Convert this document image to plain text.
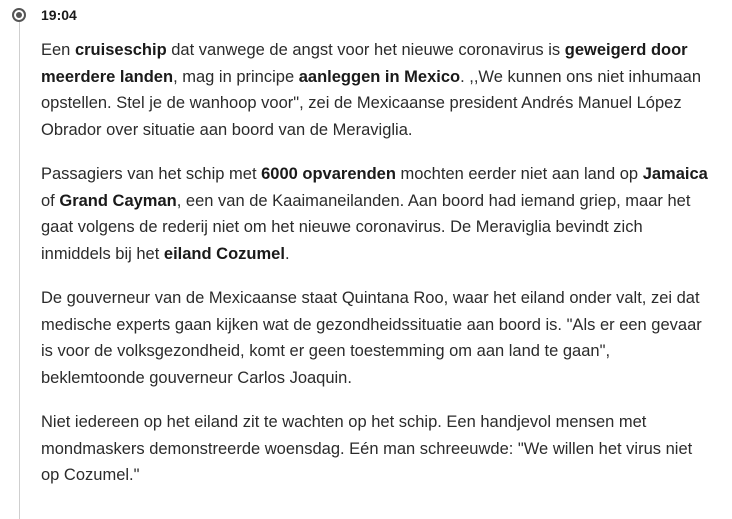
19:04

Een cruiseschip dat vanwege de angst voor het nieuwe coronavirus is geweigerd door meerdere landen, mag in principe aanleggen in Mexico. ,,We kunnen ons niet inhumaan opstellen. Stel je de wanhoop voor", zei de Mexicaanse president Andrés Manuel López Obrador over situatie aan boord van de Meraviglia.

Passagiers van het schip met 6000 opvarenden mochten eerder niet aan land op Jamaica of Grand Cayman, een van de Kaaimaneilanden. Aan boord had iemand griep, maar het gaat volgens de rederij niet om het nieuwe coronavirus. De Meraviglia bevindt zich inmiddels bij het eiland Cozumel.

De gouverneur van de Mexicaanse staat Quintana Roo, waar het eiland onder valt, zei dat medische experts gaan kijken wat de gezondheidssituatie aan boord is. "Als er een gevaar is voor de volksgezondheid, komt er geen toestemming om aan land te gaan", beklemtoonde gouverneur Carlos Joaquin.

Niet iedereen op het eiland zit te wachten op het schip. Een handjevol mensen met mondmaskers demonstreerde woensdag. Eén man schreeuwde: "We willen het virus niet op Cozumel."
